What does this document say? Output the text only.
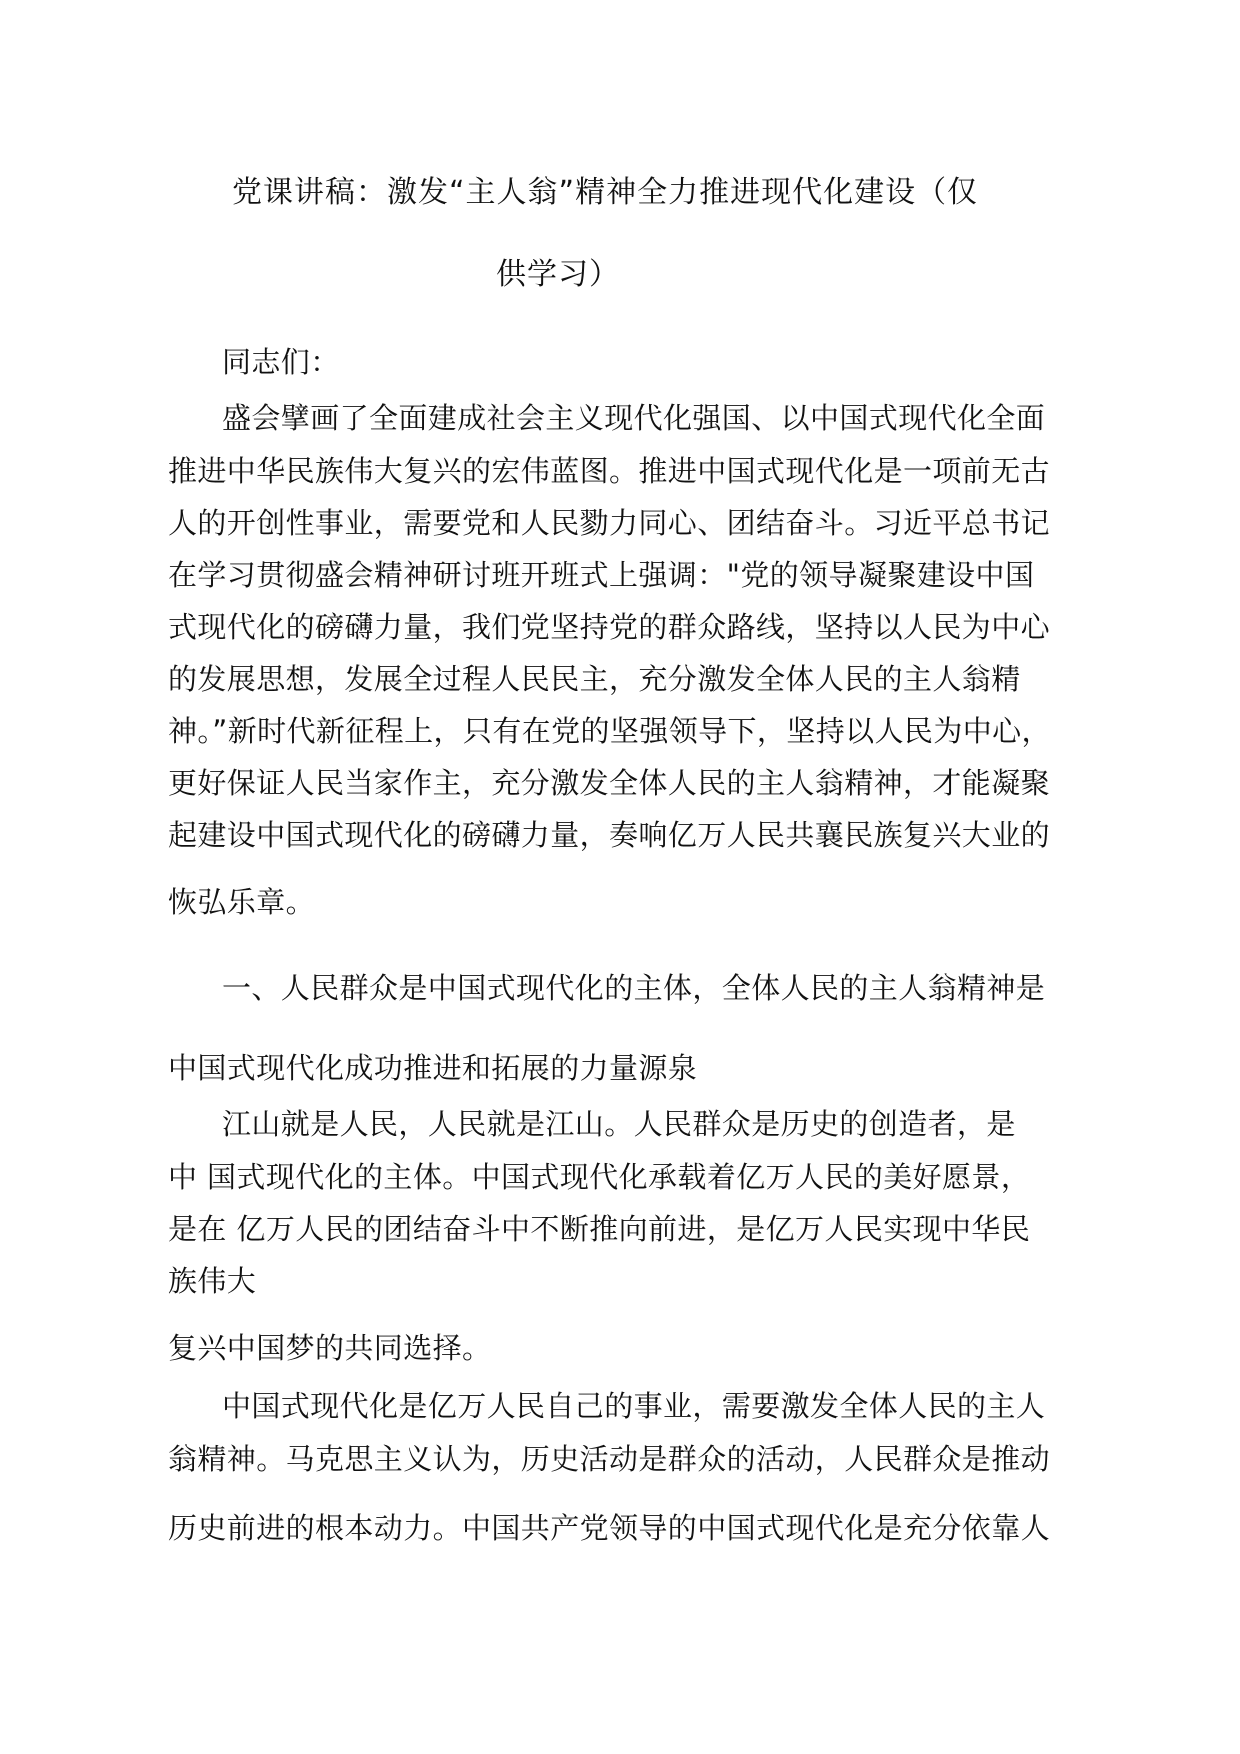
党课讲稿：激发“主人翁”精神全力推进现代化建设（仅
供学习）
同志们：
盛会擘画了全面建成社会主义现代化强国、以中国式现代化全面
推进中华民族伟大复兴的宏伟蓝图。推进中国式现代化是一项前无古
人的开创性事业，需要党和人民勠力同心、团结奋斗。习近平总书记
在学习贯彻盛会精神研讨班开班式上强调："党的领导凝聚建设中国
式现代化的磅礴力量，我们党坚持党的群众路线，坚持以人民为中心
的发展思想，发展全过程人民民主，充分激发全体人民的主人翁精
神。”新时代新征程上，只有在党的坚强领导下，坚持以人民为中心，
更好保证人民当家作主，充分激发全体人民的主人翁精神，才能凝聚
起建设中国式现代化的磅礴力量，奏响亿万人民共襄民族复兴大业的
恢弘乐章。
一、人民群众是中国式现代化的主体，全体人民的主人翁精神是
中国式现代化成功推进和拓展的力量源泉
江山就是人民，人民就是江山。人民群众是历史的创造者，是
中 国式现代化的主体。中国式现代化承载着亿万人民的美好愿景，
是在 亿万人民的团结奋斗中不断推向前进，是亿万人民实现中华民
族伟大
复兴中国梦的共同选择。
中国式现代化是亿万人民自己的事业，需要激发全体人民的主人
翁精神。马克思主义认为，历史活动是群众的活动，人民群众是推动
历史前进的根本动力。中国共产党领导的中国式现代化是充分依靠人
